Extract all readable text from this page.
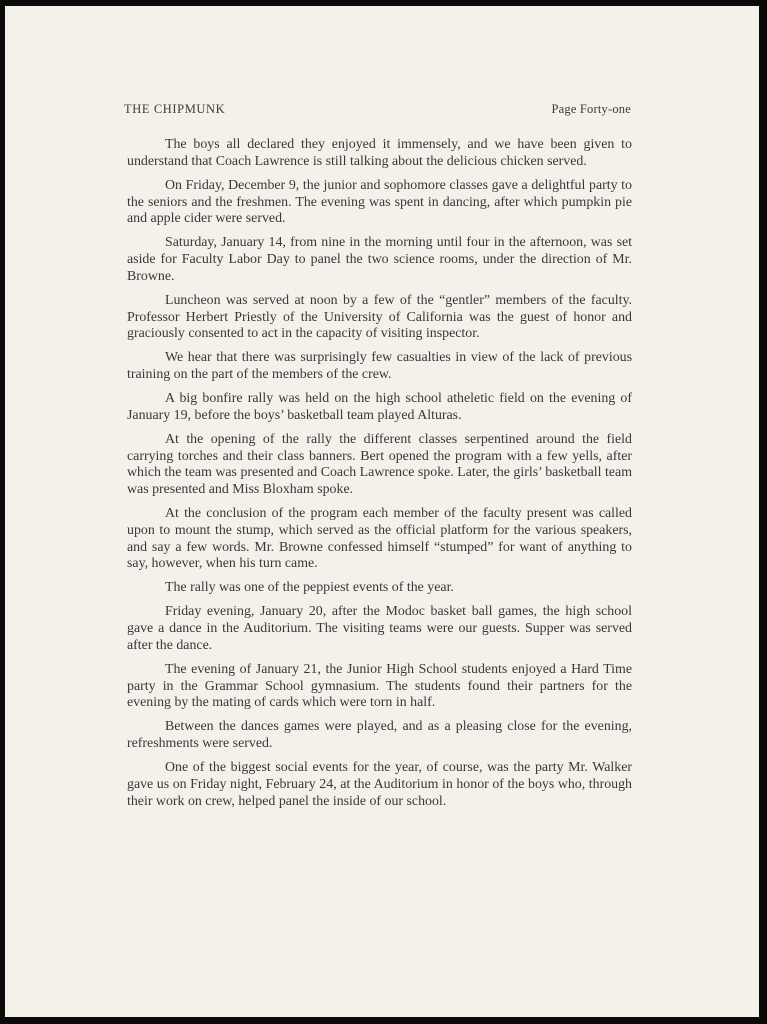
THE CHIPMUNK	Page Forty-one

The boys all declared they enjoyed it immensely, and we have been given to understand that Coach Lawrence is still talking about the delicious chicken served.

On Friday, December 9, the junior and sophomore classes gave a delightful party to the seniors and the freshmen. The evening was spent in dancing, after which pumpkin pie and apple cider were served.

Saturday, January 14, from nine in the morning until four in the afternoon, was set aside for Faculty Labor Day to panel the two science rooms, under the direction of Mr. Browne.

Luncheon was served at noon by a few of the “gentler” members of the faculty. Professor Herbert Priestly of the University of California was the guest of honor and graciously consented to act in the capacity of visiting inspector.

We hear that there was surprisingly few casualties in view of the lack of previous training on the part of the members of the crew.

A big bonfire rally was held on the high school atheletic field on the evening of January 19, before the boys’ basketball team played Alturas.

At the opening of the rally the different classes serpentined around the field carrying torches and their class banners. Bert opened the program with a few yells, after which the team was presented and Coach Lawrence spoke. Later, the girls’ basketball team was presented and Miss Bloxham spoke.

At the conclusion of the program each member of the faculty present was called upon to mount the stump, which served as the official platform for the various speakers, and say a few words. Mr. Browne confessed himself “stumped” for want of anything to say, however, when his turn came.

The rally was one of the peppiest events of the year.

Friday evening, January 20, after the Modoc basket ball games, the high school gave a dance in the Auditorium. The visiting teams were our guests. Supper was served after the dance.

The evening of January 21, the Junior High School students enjoyed a Hard Time party in the Grammar School gymnasium. The students found their partners for the evening by the mating of cards which were torn in half.

Between the dances games were played, and as a pleasing close for the evening, refreshments were served.

One of the biggest social events for the year, of course, was the party Mr. Walker gave us on Friday night, February 24, at the Auditorium in honor of the boys who, through their work on crew, helped panel the inside of our school.
